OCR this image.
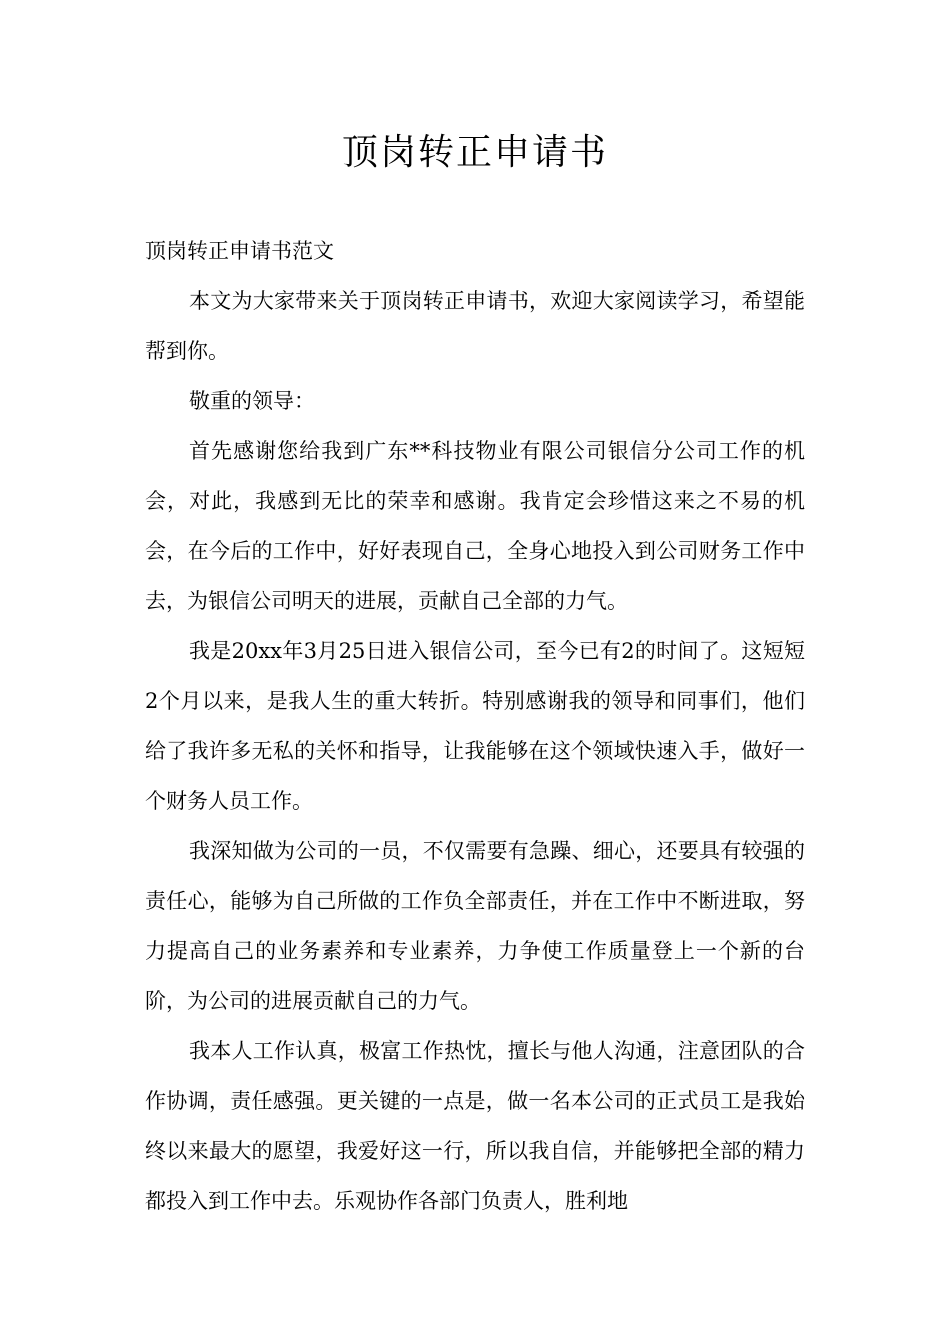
顶岗转正申请书

顶岗转正申请书范文

本文为大家带来关于顶岗转正申请书，欢迎大家阅读学习，希望能帮到你。

敬重的领导：

首先感谢您给我到广东**科技物业有限公司银信分公司工作的机会，对此，我感到无比的荣幸和感谢。我肯定会珍惜这来之不易的机会，在今后的工作中，好好表现自己，全身心地投入到公司财务工作中去，为银信公司明天的进展，贡献自己全部的力气。

我是20xx年3月25日进入银信公司，至今已有2的时间了。这短短2个月以来，是我人生的重大转折。特别感谢我的领导和同事们，他们给了我许多无私的关怀和指导，让我能够在这个领域快速入手，做好一个财务人员工作。

我深知做为公司的一员，不仅需要有急躁、细心，还要具有较强的责任心，能够为自己所做的工作负全部责任，并在工作中不断进取，努力提高自己的业务素养和专业素养，力争使工作质量登上一个新的台阶，为公司的进展贡献自己的力气。

我本人工作认真，极富工作热忱，擅长与他人沟通，注意团队的合作协调，责任感强。更关键的一点是，做一名本公司的正式员工是我始终以来最大的愿望，我爱好这一行，所以我自信，并能够把全部的精力都投入到工作中去。乐观协作各部门负责人，胜利地
